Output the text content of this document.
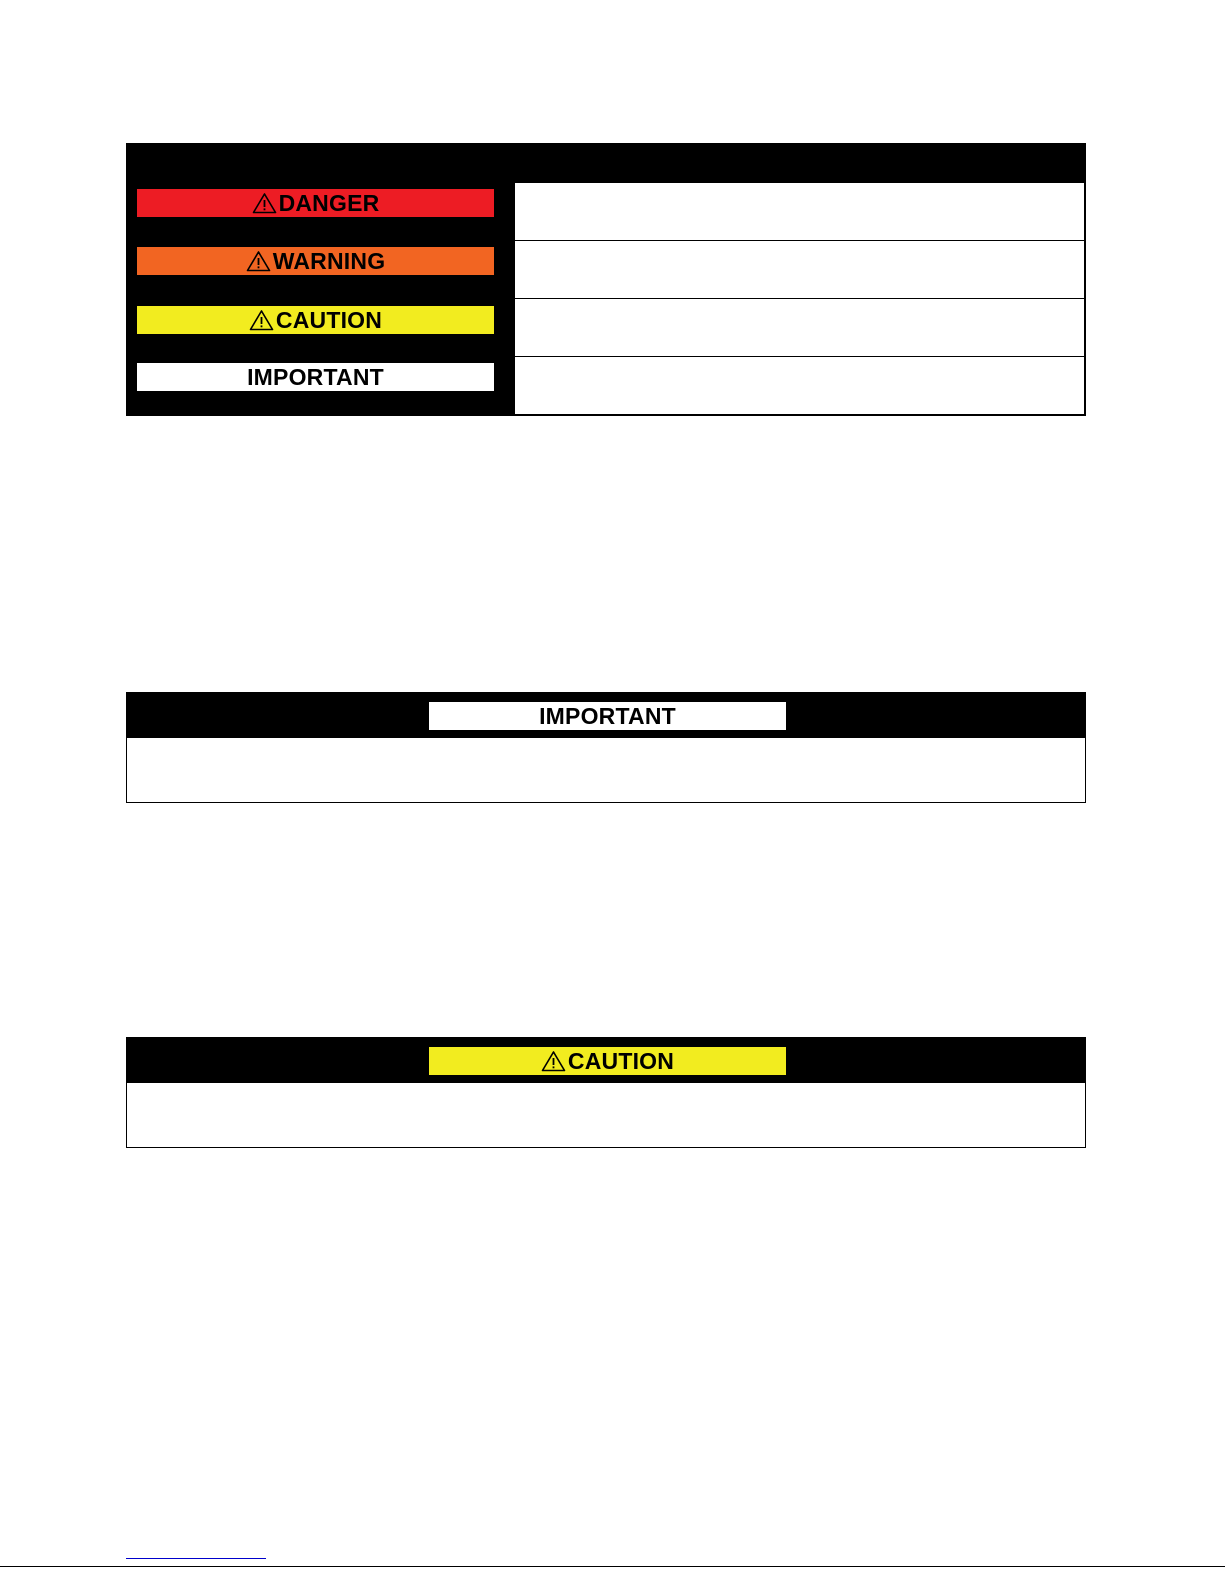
DANGER
WARNING
CAUTION
IMPORTANT
IMPORTANT
CAUTION
